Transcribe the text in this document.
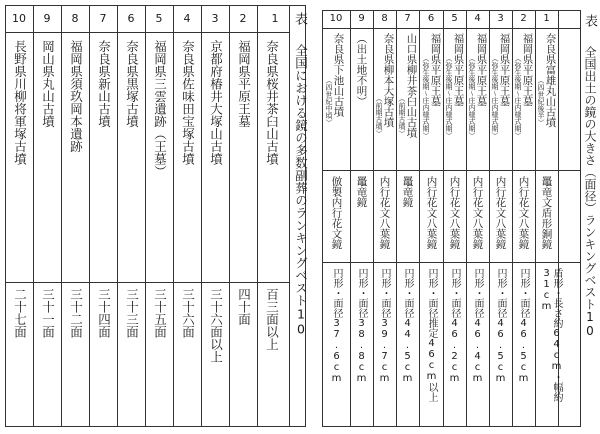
1
2
3
4
5
6
7
8
9
10
奈良県桜井茶臼山古墳
福岡県平原王墓
京都府椿井大塚山古墳
奈良県佐味田宝塚古墳
福岡県三雲遺跡（王墓）
奈良県黒塚古墳
奈良県新山古墳
福岡県須玖岡本遺跡
岡山県丸山古墳
長野県川柳将軍塚古墳
百三面以上
四十面
三十六面以上
三十六面
三十五面
三十三面
三十四面
三十二面
三十一面
二十七面
表
全国における鏡の多数副葬のランキングベスト10
1
2
3
4
5
6
7
8
9
10
奈良県富雄丸山古墳
（四世紀後半）
福岡県平原王墓
（弥生後期～庄内様式期）
福岡県平原王墓
（弥生後期～庄内様式期）
福岡県平原王墓
（弥生後期～庄内様式期）
福岡県平原王墓
（弥生後期～庄内様式期）
福岡県平原王墓
（弥生後期～庄内様式期）
山口県柳井茶臼山古墳
（前期古墳）
奈良県柳本大塚古墳
（前期古墳）
（出土地不明）
奈良県下池山古墳
（四世紀中頃）
鼉竜文盾形銅鏡
内行花文八葉鏡
内行花文八葉鏡
内行花文八葉鏡
内行花文八葉鏡
内行花文八葉鏡
鼉竜鏡
内行花文八葉鏡
鼉竜鏡
倣製内行花文鏡
盾形・長さ約64cm・幅約31cm
円形・面径46.5cm
円形・面径46.5cm
円形・面径46.4cm
円形・面径46.2cm
円形・面径推定46cm以上
円形・面径44.5cm
円形・面径39.7cm
円形・面径38.8cm
円形・面径37.6cm
表
全国出土の鏡の大きさ（面径）ランキングベスト10
